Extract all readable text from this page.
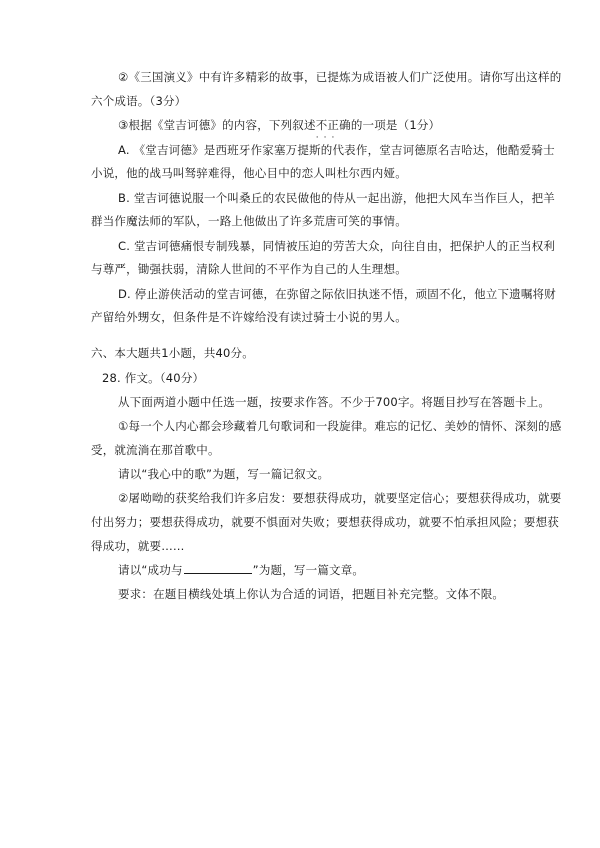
②《三国演义》中有许多精彩的故事，已提炼为成语被人们广泛使用。请你写出这样的
六个成语。（3分）
③根据《堂吉诃德》的内容，下列叙述不正确
···
的一项是（1分）
A. 《堂吉诃德》是西班牙作家塞万提斯的代表作，堂吉诃德原名吉哈达，他酷爱骑士
小说，他的战马叫驽骍难得，他心目中的恋人叫杜尔西内娅。
B. 堂吉诃德说服一个叫桑丘的农民做他的侍从一起出游，他把大风车当作巨人，把羊
群当作魔法师的军队，一路上他做出了许多荒唐可笑的事情。
C. 堂吉诃德痛恨专制残暴，同情被压迫的劳苦大众，向往自由，把保护人的正当权利
与尊严，锄强扶弱，清除人世间的不平作为自己的人生理想。
D. 停止游侠活动的堂吉诃德，在弥留之际依旧执迷不悟，顽固不化，他立下遗嘱将财
产留给外甥女，但条件是不许嫁给没有读过骑士小说的男人。
六、本大题共1小题，共40分。
28. 作文。（40分）
从下面两道小题中任选一题，按要求作答。不少于700字。将题目抄写在答题卡上。
①每一个人内心都会珍藏着几句歌词和一段旋律。难忘的记忆、美妙的情怀、深刻的感
受，就流淌在那首歌中。
请以“我心中的歌”为题，写一篇记叙文。
②屠呦呦的获奖给我们许多启发：要想获得成功，就要坚定信心；要想获得成功，就要
付出努力；要想获得成功，就要不惧面对失败；要想获得成功，就要不怕承担风险；要想获
得成功，就要……
请以“成功与	”为题，写一篇文章。
要求：在题目横线处填上你认为合适的词语，把题目补充完整。文体不限。
